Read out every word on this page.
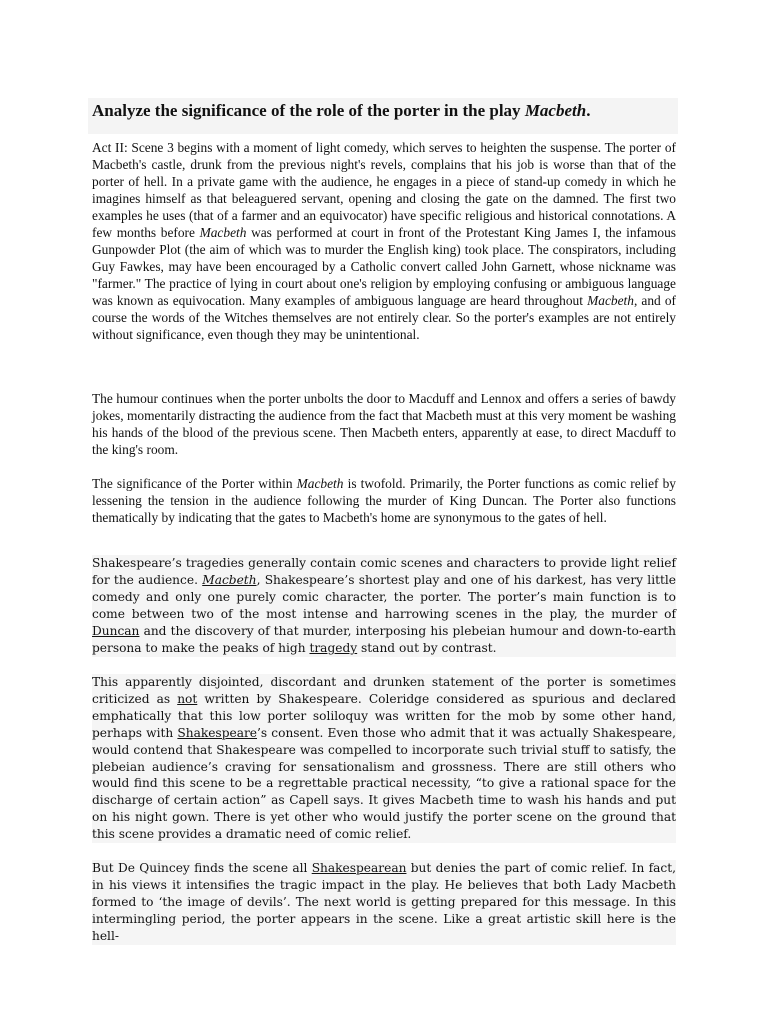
Analyze the significance of the role of the porter in the play Macbeth.

Act II: Scene 3 begins with a moment of light comedy, which serves to heighten the suspense. The porter of Macbeth's castle, drunk from the previous night's revels, complains that his job is worse than that of the porter of hell. In a private game with the audience, he engages in a piece of stand-up comedy in which he imagines himself as that beleaguered servant, opening and closing the gate on the damned. The first two examples he uses (that of a farmer and an equivocator) have specific religious and historical connotations. A few months before Macbeth was performed at court in front of the Protestant King James I, the infamous Gunpowder Plot (the aim of which was to murder the English king) took place. The conspirators, including Guy Fawkes, may have been encouraged by a Catholic convert called John Garnett, whose nickname was "farmer." The practice of lying in court about one's religion by employing confusing or ambiguous language was known as equivocation. Many examples of ambiguous language are heard throughout Macbeth, and of course the words of the Witches themselves are not entirely clear. So the porter's examples are not entirely without significance, even though they may be unintentional.

The humour continues when the porter unbolts the door to Macduff and Lennox and offers a series of bawdy jokes, momentarily distracting the audience from the fact that Macbeth must at this very moment be washing his hands of the blood of the previous scene. Then Macbeth enters, apparently at ease, to direct Macduff to the king's room.

The significance of the Porter within Macbeth is twofold. Primarily, the Porter functions as comic relief by lessening the tension in the audience following the murder of King Duncan. The Porter also functions thematically by indicating that the gates to Macbeth's home are synonymous to the gates of hell.

Shakespeare’s tragedies generally contain comic scenes and characters to provide light relief for the audience. Macbeth, Shakespeare’s shortest play and one of his darkest, has very little comedy and only one purely comic character, the porter. The porter’s main function is to come between two of the most intense and harrowing scenes in the play, the murder of Duncan and the discovery of that murder, interposing his plebeian humour and down-to-earth persona to make the peaks of high tragedy stand out by contrast.

This apparently disjointed, discordant and drunken statement of the porter is sometimes criticized as not written by Shakespeare. Coleridge considered as spurious and declared emphatically that this low porter soliloquy was written for the mob by some other hand, perhaps with Shakespeare’s consent. Even those who admit that it was actually Shakespeare, would contend that Shakespeare was compelled to incorporate such trivial stuff to satisfy, the plebeian audience’s craving for sensationalism and grossness. There are still others who would find this scene to be a regrettable practical necessity, “to give a rational space for the discharge of certain action” as Capell says. It gives Macbeth time to wash his hands and put on his night gown. There is yet other who would justify the porter scene on the ground that this scene provides a dramatic need of comic relief.

But De Quincey finds the scene all Shakespearean but denies the part of comic relief. In fact, in his views it intensifies the tragic impact in the play. He believes that both Lady Macbeth formed to ‘the image of devils’. The next world is getting prepared for this message. In this intermingling period, the porter appears in the scene. Like a great artistic skill here is the hell-
